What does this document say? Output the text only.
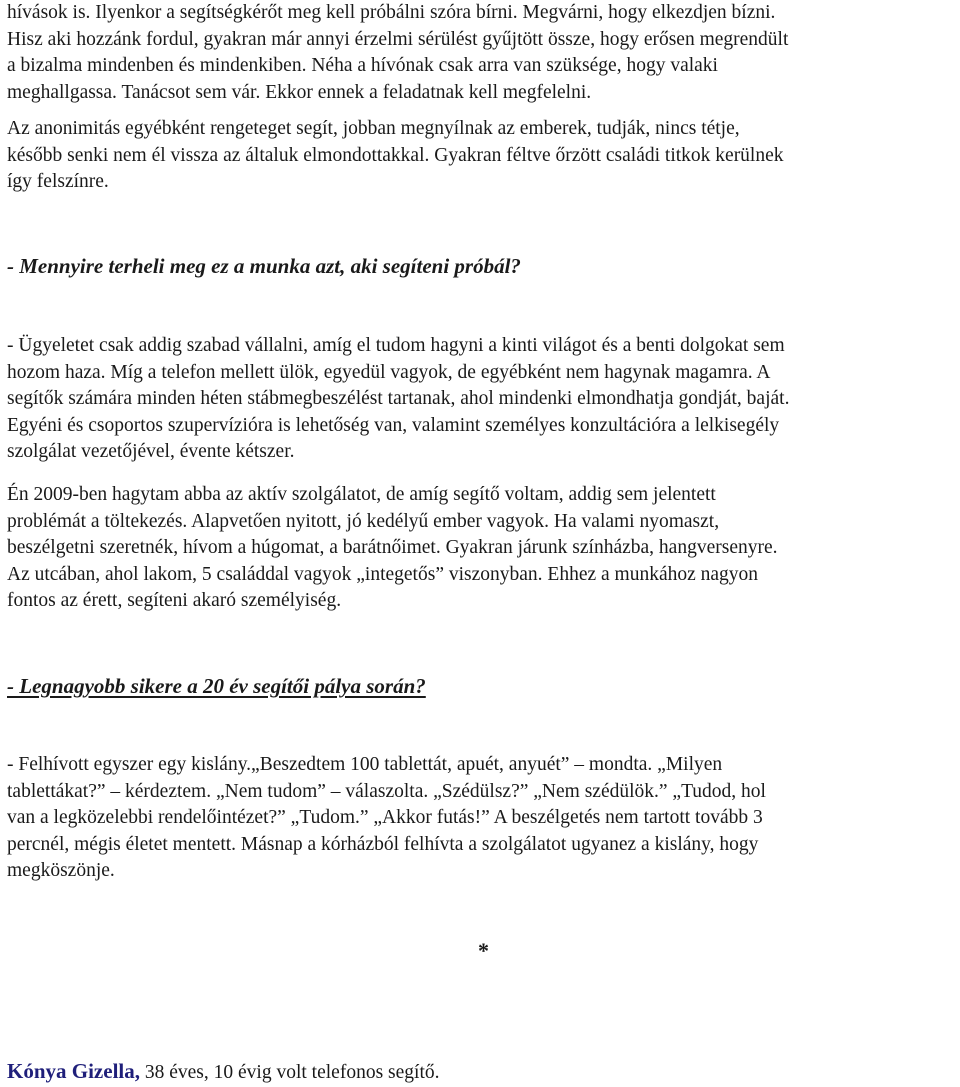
hívások is. Ilyenkor a segítségkérőt meg kell próbálni szóra bírni. Megvárni, hogy elkezdjen bízni.
Hisz aki hozzánk fordul, gyakran már annyi érzelmi sérülést gyűjtött össze, hogy erősen megrendült
a bizalma mindenben és mindenkiben. Néha a hívónak csak arra van szüksége, hogy valaki
meghallgassa. Tanácsot sem vár. Ekkor ennek a feladatnak kell megfelelni.

Az anonimitás egyébként rengeteget segít, jobban megnyílnak az emberek, tudják, nincs tétje,
később senki nem él vissza az általuk elmondottakkal. Gyakran féltve őrzött családi titkok kerülnek
így felszínre.

- Mennyire terheli meg ez a munka azt, aki segíteni próbál?

- Ügyeletet csak addig szabad vállalni, amíg el tudom hagyni a kinti világot és a benti dolgokat sem
hozom haza. Míg a telefon mellett ülök, egyedül vagyok, de egyébként nem hagynak magamra. A
segítők számára minden héten stábmegbeszélést tartanak, ahol mindenki elmondhatja gondját, baját.
Egyéni és csoportos szupervízióra is lehetőség van, valamint személyes konzultációra a lelkisegély
szolgálat vezetőjével, évente kétszer.

Én 2009-ben hagytam abba az aktív szolgálatot, de amíg segítő voltam, addig sem jelentett
problémát a töltekezés. Alapvetően nyitott, jó kedélyű ember vagyok. Ha valami nyomaszt,
beszélgetni szeretnék, hívom a húgomat, a barátnőimet. Gyakran járunk színházba, hangversenyre.
Az utcában, ahol lakom, 5 családdal vagyok „integetős” viszonyban. Ehhez a munkához nagyon
fontos az érett, segíteni akaró személyiség.

- Legnagyobb sikere a 20 év segítői pálya során?

- Felhívott egyszer egy kislány.„Beszedtem 100 tablettát, apuét, anyuét” – mondta. „Milyen
tablettákat?” – kérdeztem. „Nem tudom” – válaszolta. „Szédülsz?” „Nem szédülök.” „Tudod, hol
van a legközelebbi rendelőintézet?” „Tudom.” „Akkor futás!” A beszélgetés nem tartott tovább 3
percnél, mégis életet mentett. Másnap a kórházból felhívta a szolgálatot ugyanez a kislány, hogy
megköszönje.

*

Kónya Gizella, 38 éves, 10 évig volt telefonos segítő.
